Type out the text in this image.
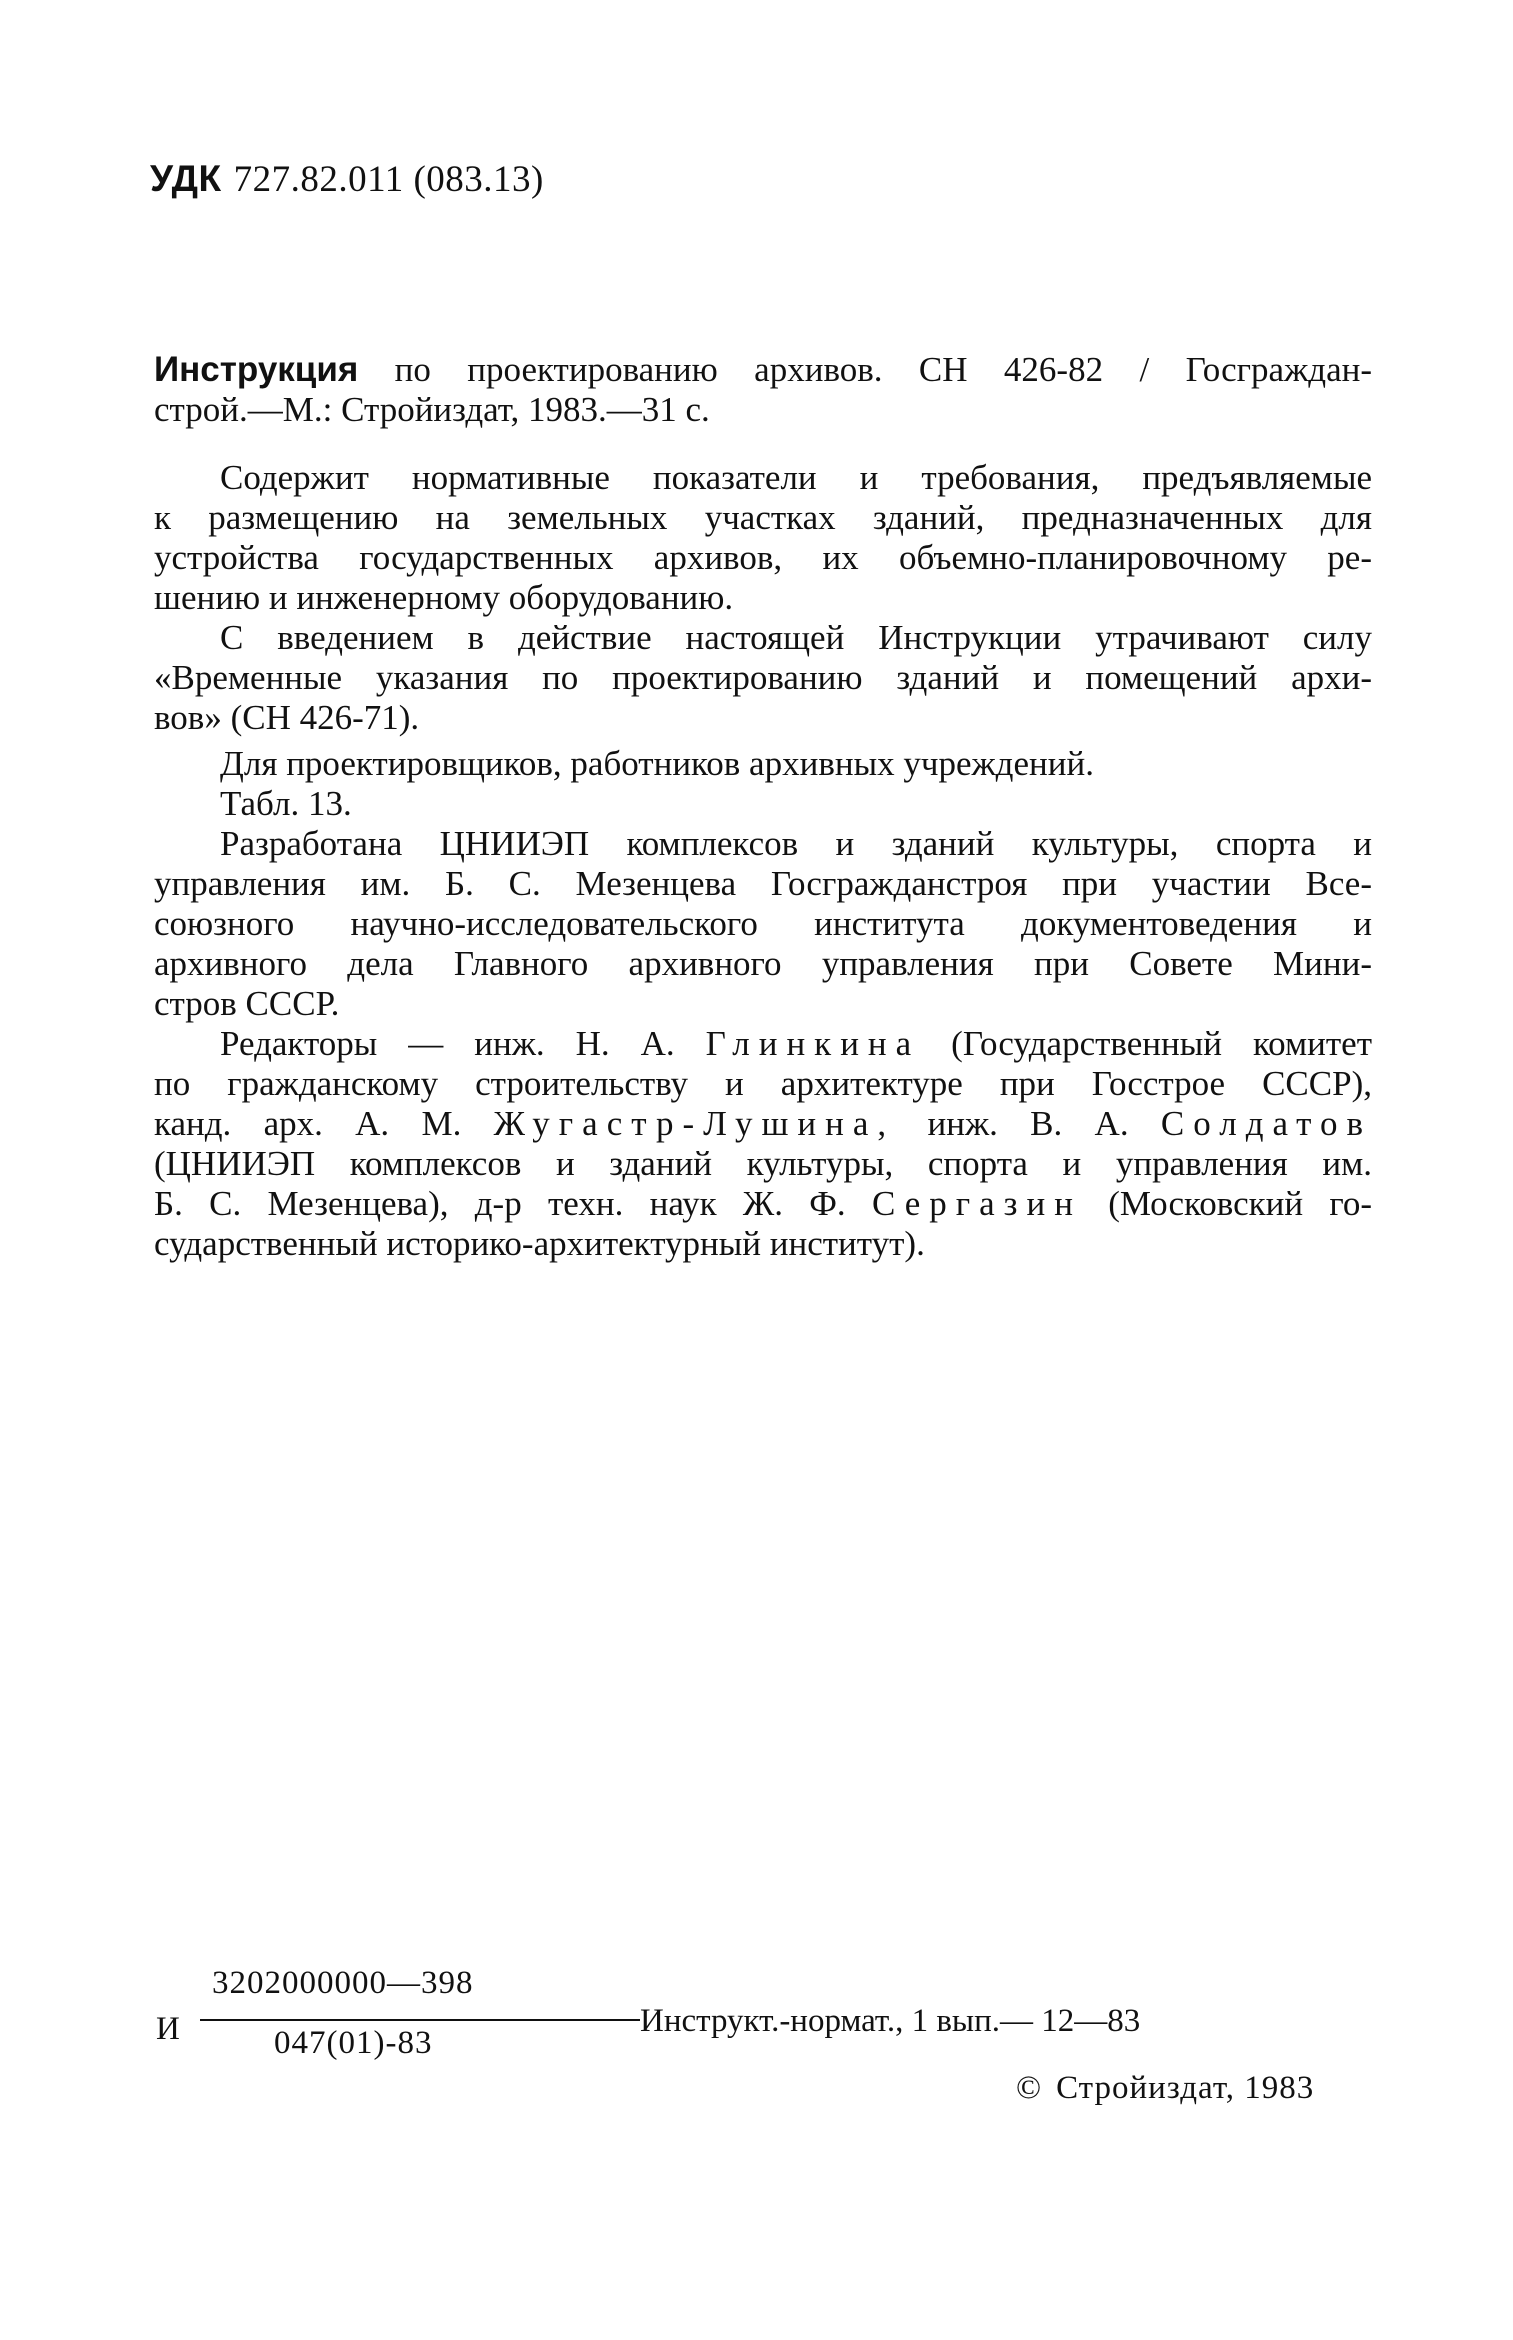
УДК 727.82.011 (083.13)
Инструкция по проектированию архивов. СН 426-82 / Госграждан-
строй.—М.: Стройиздат, 1983.—31 с.
Содержит нормативные показатели и требования, предъявляемые
к размещению на земельных участках зданий, предназначенных для
устройства государственных архивов, их объемно-планировочному ре-
шению и инженерному оборудованию.
С введением в действие настоящей Инструкции утрачивают силу
«Временные указания по проектированию зданий и помещений архи-
вов» (СН 426-71).
Для проектировщиков, работников архивных учреждений.
Табл. 13.
Разработана ЦНИИЭП комплексов и зданий культуры, спорта и
управления им. Б. С. Мезенцева Госгражданстроя при участии Все-
союзного научно-исследовательского института документоведения и
архивного дела Главного архивного управления при Совете Мини-
стров СССР.
Редакторы — инж. Н. А. Глинкина (Государственный комитет
по гражданскому строительству и архитектуре при Госстрое СССР),
канд. арх. А. М. Жугастр-Лушина, инж. В. А. Солдатов
(ЦНИИЭП комплексов и зданий культуры, спорта и управления им.
Б. С. Мезенцева), д-р техн. наук Ж. Ф. Сергазин (Московский го-
сударственный историко-архитектурный институт).
И
3202000000—398
047(01)-83
Инструкт.-нормат., 1 вып.— 12—83
© Стройиздат, 1983
